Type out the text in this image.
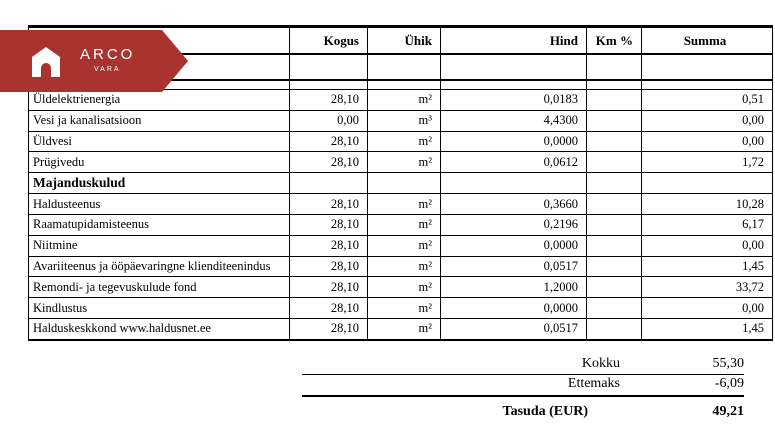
	Kogus	Ühik	Hind	Km %	Summa

Üldelektrienergia	28,10	m²	0,0183		0,51
Vesi ja kanalisatsioon	0,00	m³	4,4300		0,00
Üldvesi	28,10	m²	0,0000		0,00
Prügivedu	28,10	m²	0,0612		1,72
Majanduskulud					
Haldusteenus	28,10	m²	0,3660		10,28
Raamatupidamisteenus	28,10	m²	0,2196		6,17
Niitmine	28,10	m²	0,0000		0,00
Avariiteenus ja ööpäevaringne klienditeenindus	28,10	m²	0,0517		1,45
Remondi- ja tegevuskulude fond	28,10	m²	1,2000		33,72
Kindlustus	28,10	m²	0,0000		0,00
Halduskeskkond www.haldusnet.ee	28,10	m²	0,0517		1,45
Kokku	55,30
Ettemaks	-6,09
Tasuda (EUR)	49,21
ARCO
VARA
